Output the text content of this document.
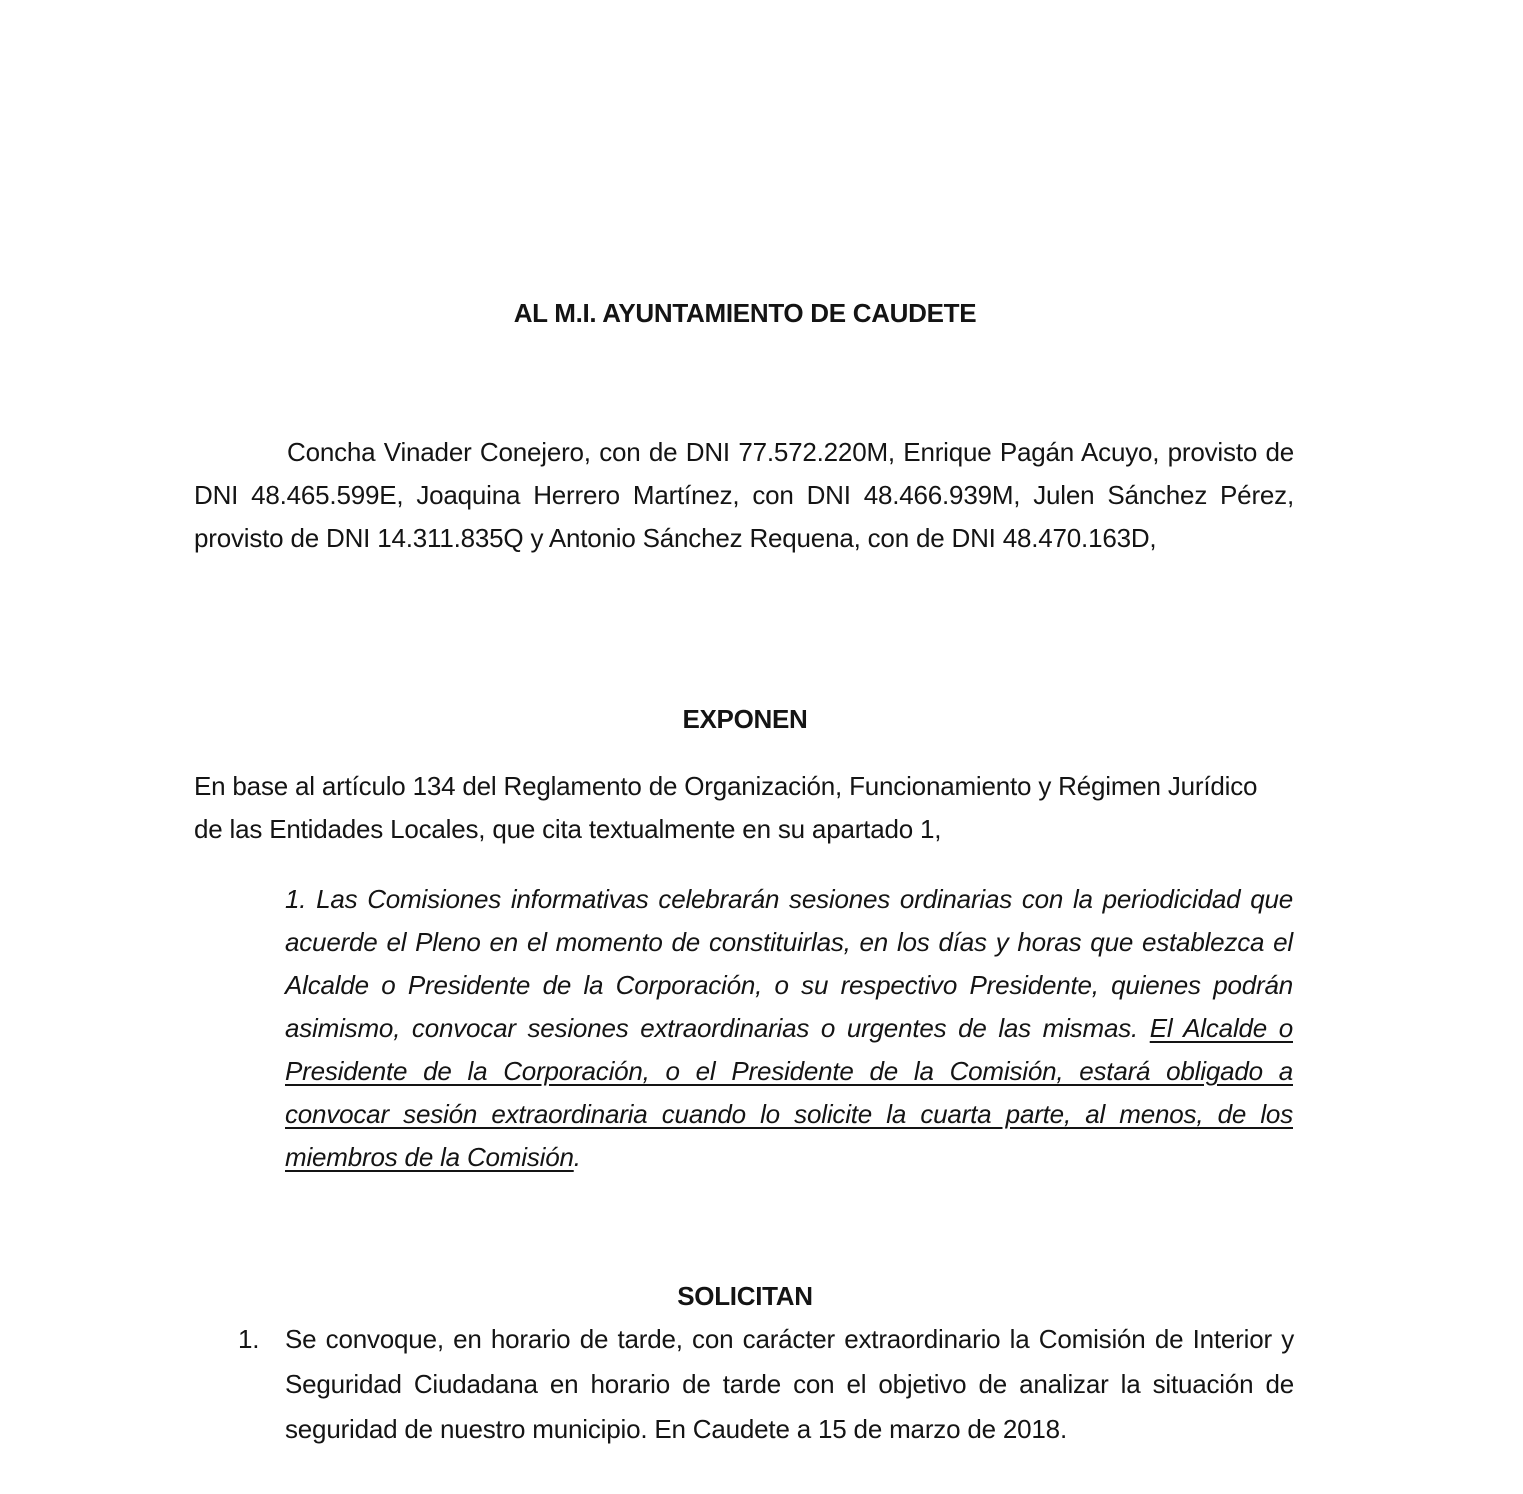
AL M.I. AYUNTAMIENTO DE CAUDETE

Concha Vinader Conejero, con de DNI 77.572.220M, Enrique Pagán Acuyo, provisto de DNI 48.465.599E, Joaquina Herrero Martínez, con DNI 48.466.939M, Julen Sánchez Pérez, provisto de DNI 14.311.835Q y Antonio Sánchez Requena, con de DNI 48.470.163D,

EXPONEN

En base al artículo 134 del Reglamento de Organización, Funcionamiento y Régimen Jurídico de las Entidades Locales, que cita textualmente en su apartado 1,

1. Las Comisiones informativas celebrarán sesiones ordinarias con la periodicidad que acuerde el Pleno en el momento de constituirlas, en los días y horas que establezca el Alcalde o Presidente de la Corporación, o su respectivo Presidente, quienes podrán asimismo, convocar sesiones extraordinarias o urgentes de las mismas. El Alcalde o Presidente de la Corporación, o el Presidente de la Comisión, estará obligado a convocar sesión extraordinaria cuando lo solicite la cuarta parte, al menos, de los miembros de la Comisión.

SOLICITAN
1. Se convoque, en horario de tarde, con carácter extraordinario la Comisión de Interior y Seguridad Ciudadana en horario de tarde con el objetivo de analizar la situación de seguridad de nuestro municipio. En Caudete a 15 de marzo de 2018.
